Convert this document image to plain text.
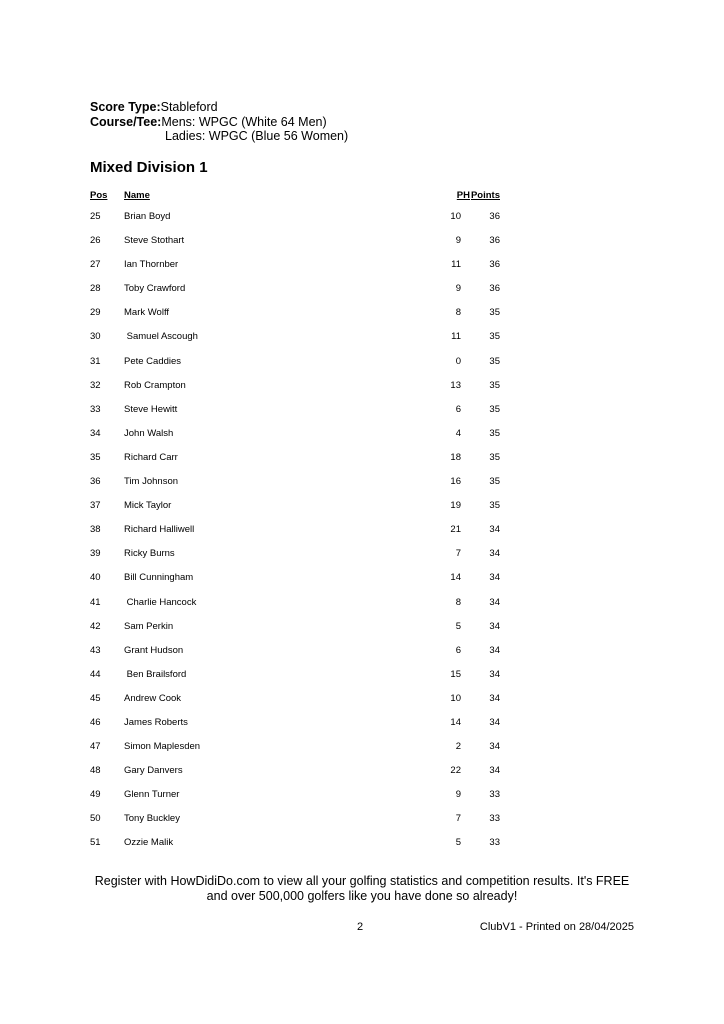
Score Type:Stableford
Course/Tee:Mens: WPGC (White 64 Men)
Ladies: WPGC (Blue 56 Women)
Mixed Division 1
Pos Name	PH Points
25 Brian Boyd	10	36
26 Steve Stothart	9	36
27 Ian Thornber	11	36
28 Toby Crawford	9	36
29 Mark Wolff	8	35
30 Samuel Ascough	11	35
31 Pete Caddies	0	35
32 Rob Crampton	13	35
33 Steve Hewitt	6	35
34 John Walsh	4	35
35 Richard Carr	18	35
36 Tim Johnson	16	35
37 Mick Taylor	19	35
38 Richard Halliwell	21	34
39 Ricky Burns	7	34
40 Bill Cunningham	14	34
41 Charlie Hancock	8	34
42 Sam Perkin	5	34
43 Grant Hudson	6	34
44 Ben Brailsford	15	34
45 Andrew Cook	10	34
46 James Roberts	14	34
47 Simon Maplesden	2	34
48 Gary Danvers	22	34
49 Glenn Turner	9	33
50 Tony Buckley	7	33
51 Ozzie Malik	5	33
Register with HowDidiDo.com to view all your golfing statistics and competition results. It's FREE
and over 500,000 golfers like you have done so already!
2	ClubV1 - Printed on 28/04/2025
